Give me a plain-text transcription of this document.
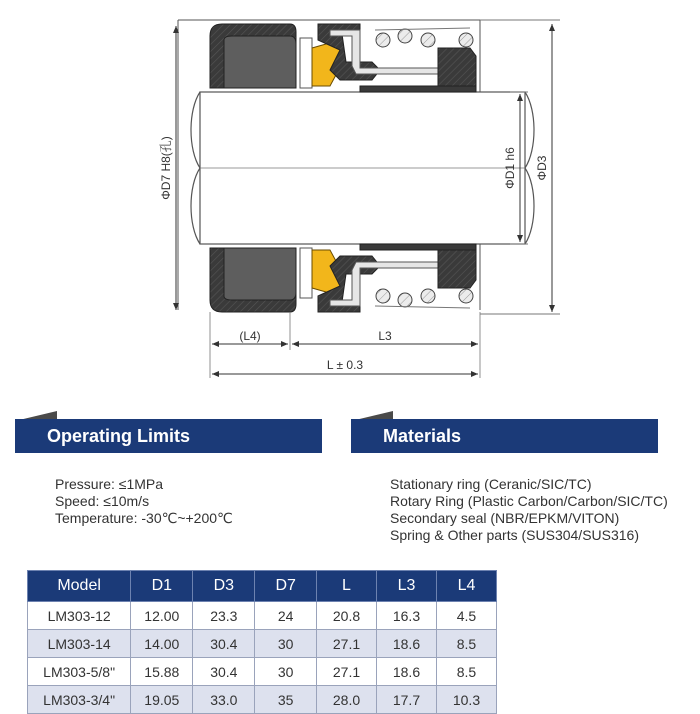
ΦD7 H8(孔)	ΦD1 h6 ΦD3
(L4)	L3
L ± 0.3
Operating Limits
Pressure: ≤1MPa
Speed: ≤10m/s
Temperature: -30℃~+200℃
Materials
Stationary ring (Ceranic/SIC/TC)
Rotary Ring (Plastic Carbon/Carbon/SIC/TC)
Secondary seal (NBR/EPKM/VITON)
Spring & Other parts (SUS304/SUS316)
Model	D1	D3	D7	L	L3	L4
LM303-12	12.00	23.3	24	20.8	16.3	4.5
LM303-14	14.00	30.4	30	27.1	18.6	8.5
LM303-5/8"	15.88	30.4	30	27.1	18.6	8.5
LM303-3/4"	19.05	33.0	35	28.0	17.7	10.3
